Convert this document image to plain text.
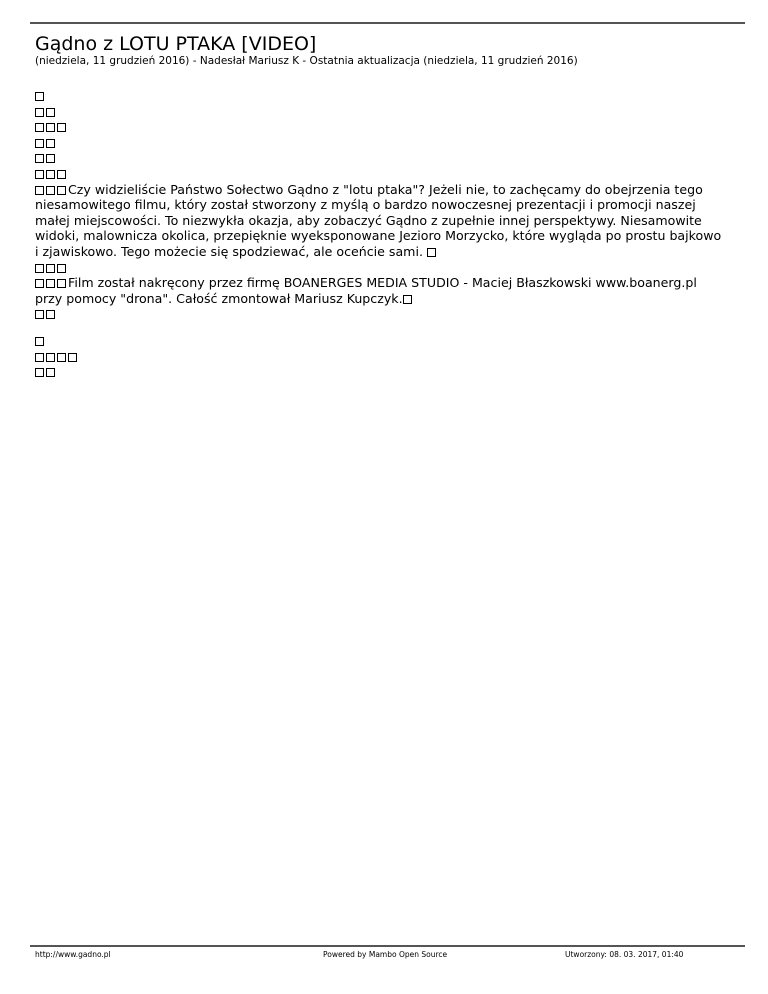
Gądno z LOTU PTAKA [VIDEO]
(niedziela, 11 grudzień 2016) - Nadesłał Mariusz K - Ostatnia aktualizacja (niedziela, 11 grudzień 2016)
Czy widzieliście Państwo Sołectwo Gądno z "lotu ptaka"? Jeżeli nie, to zachęcamy do obejrzenia tego niesamowitego filmu, który został stworzony z myślą o bardzo nowoczesnej prezentacji i promocji naszej małej miejscowości. To niezwykła okazja, aby zobaczyć Gądno z zupełnie innej perspektywy. Niesamowite widoki, malownicza okolica, przepięknie wyeksponowane Jezioro Morzycko, które wygląda po prostu bajkowo i zjawiskowo. Tego możecie się spodziewać, ale oceńcie sami.
Film został nakręcony przez firmę BOANERGES MEDIA STUDIO - Maciej Błaszkowski www.boanerg.pl przy pomocy "drona". Całość zmontował Mariusz Kupczyk.
http://www.gadno.pl	Powered by Mambo Open Source	Utworzony: 08. 03. 2017, 01:40
